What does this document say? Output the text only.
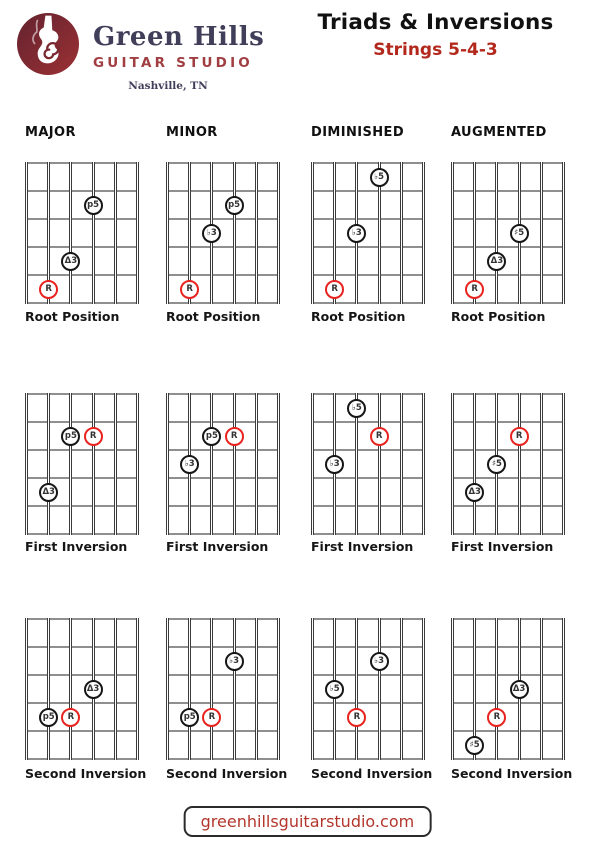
Green Hills
GUITAR STUDIO
Nashville, TN
Triads & Inversions
Strings 5-4-3
MAJOR
R
Δ3
p5
Root Position
Δ3
p5	R
First Inversion
p5	R
Δ3
Second Inversion
MINOR
R
♭3
p5
Root Position
♭3
p5	R
First Inversion
p5	R
♭3
Second Inversion
DIMINISHED
R
♭3
♭5
Root Position
♭3
♭5
R
First Inversion
♭5
R
♭3
Second Inversion
AUGMENTED
R
Δ3
♯5
Root Position
Δ3
♯5
R
First Inversion
♯5
R
Δ3
Second Inversion
greenhillsguitarstudio.com
